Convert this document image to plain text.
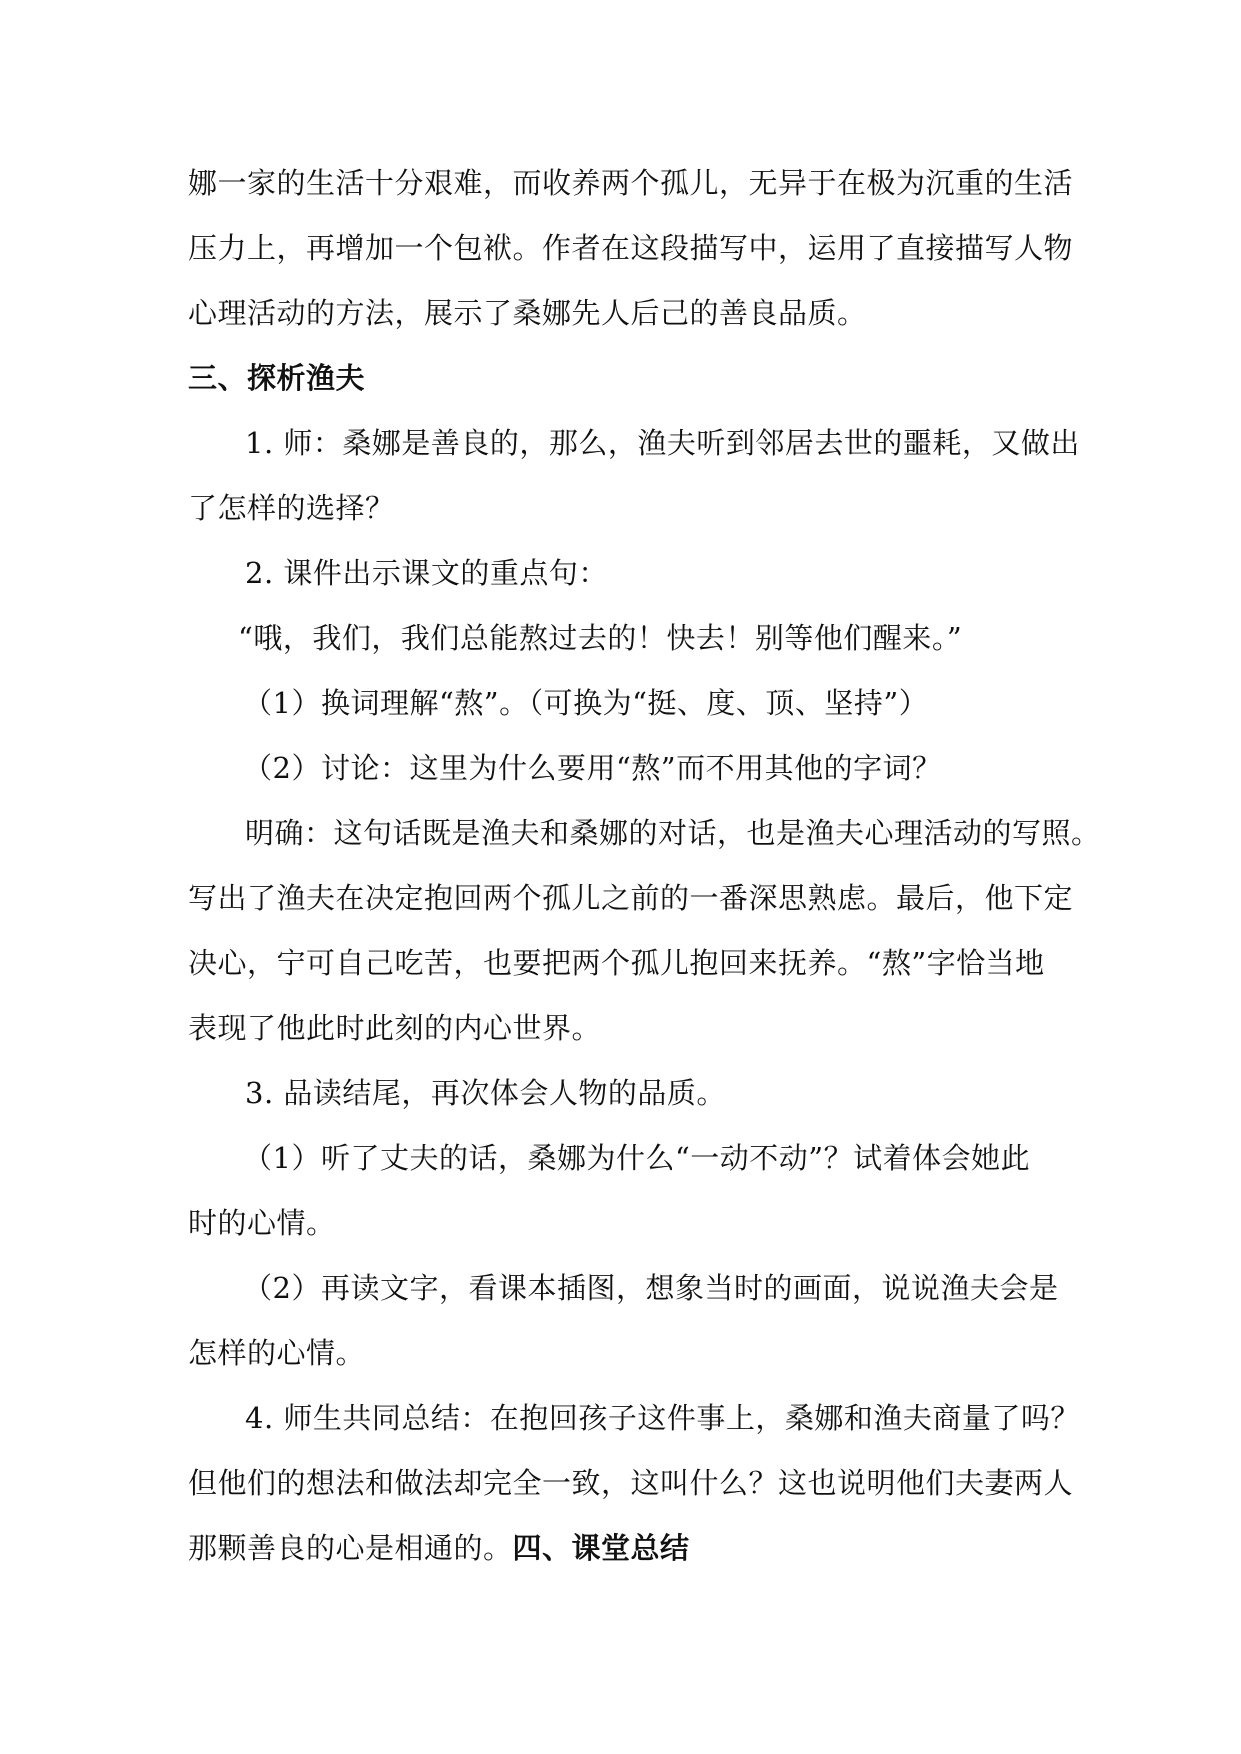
娜一家的生活十分艰难，而收养两个孤儿，无异于在极为沉重的生活
压力上，再增加一个包袱。作者在这段描写中，运用了直接描写人物
心理活动的方法，展示了桑娜先人后己的善良品质。
三、探析渔夫
1. 师：桑娜是善良的，那么，渔夫听到邻居去世的噩耗，又做出
了怎样的选择？
2. 课件出示课文的重点句：
“哦，我们，我们总能熬过去的！快去！别等他们醒来。”
（1）换词理解“熬”。（可换为“挺、度、顶、坚持”）
（2）讨论：这里为什么要用“熬”而不用其他的字词？
明确：这句话既是渔夫和桑娜的对话，也是渔夫心理活动的写照。
写出了渔夫在决定抱回两个孤儿之前的一番深思熟虑。最后，他下定
决心，宁可自己吃苦，也要把两个孤儿抱回来抚养。“熬”字恰当地
表现了他此时此刻的内心世界。
3. 品读结尾，再次体会人物的品质。
（1）听了丈夫的话，桑娜为什么“一动不动”？试着体会她此
时的心情。
（2）再读文字，看课本插图，想象当时的画面，说说渔夫会是
怎样的心情。
4. 师生共同总结：在抱回孩子这件事上，桑娜和渔夫商量了吗？
但他们的想法和做法却完全一致，这叫什么？这也说明他们夫妻两人
那颗善良的心是相通的。四、课堂总结
